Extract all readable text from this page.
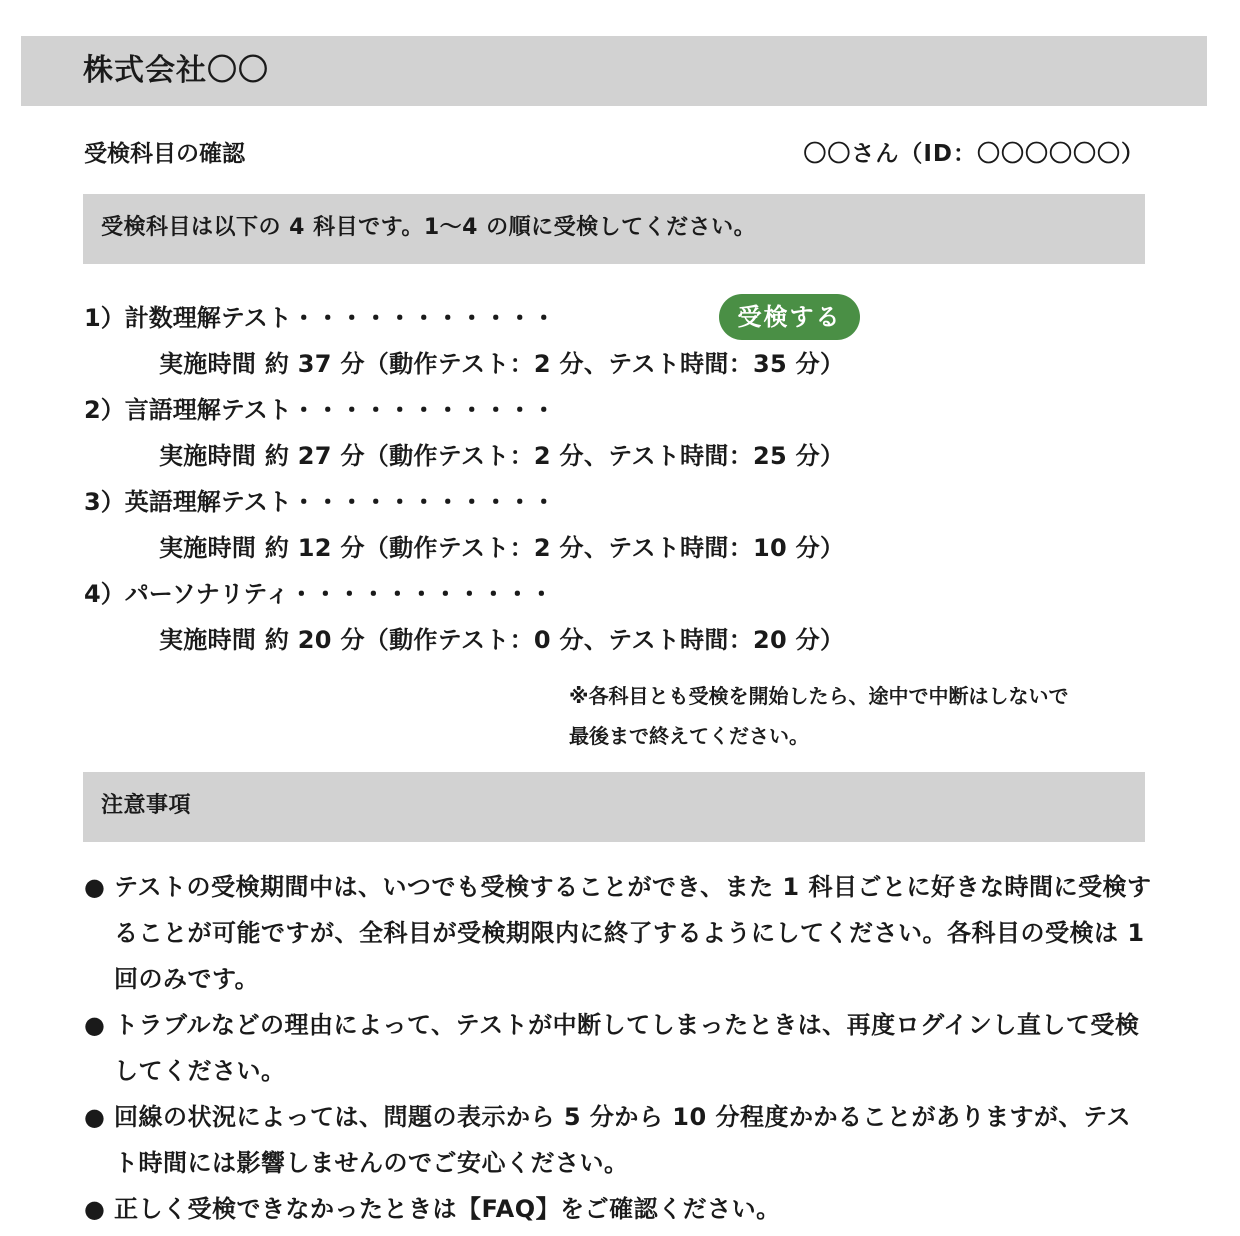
株式会社〇〇
受検科目の確認	〇〇さん（ID：〇〇〇〇〇〇）
受検科目は以下の 4 科目です。1〜4 の順に受検してください。
1）計数理解テスト・・・・・・・・・・・	受検する
実施時間 約 37 分（動作テスト：2 分、テスト時間：35 分）
2）言語理解テスト・・・・・・・・・・・
実施時間 約 27 分（動作テスト：2 分、テスト時間：25 分）
3）英語理解テスト・・・・・・・・・・・
実施時間 約 12 分（動作テスト：2 分、テスト時間：10 分）
4）パーソナリティ・・・・・・・・・・・
実施時間 約 20 分（動作テスト：0 分、テスト時間：20 分）
※各科目とも受検を開始したら、途中で中断はしないで
最後まで終えてください。
注意事項
● テストの受検期間中は、いつでも受検することができ、また 1 科目ごとに好きな時間に受検することが可能ですが、全科目が受検期限内に終了するようにしてください。各科目の受検は 1 回のみです。
● トラブルなどの理由によって、テストが中断してしまったときは、再度ログインし直して受検してください。
● 回線の状況によっては、問題の表示から 5 分から 10 分程度かかることがありますが、テスト時間には影響しませんのでご安心ください。
● 正しく受検できなかったときは【FAQ】をご確認ください。
